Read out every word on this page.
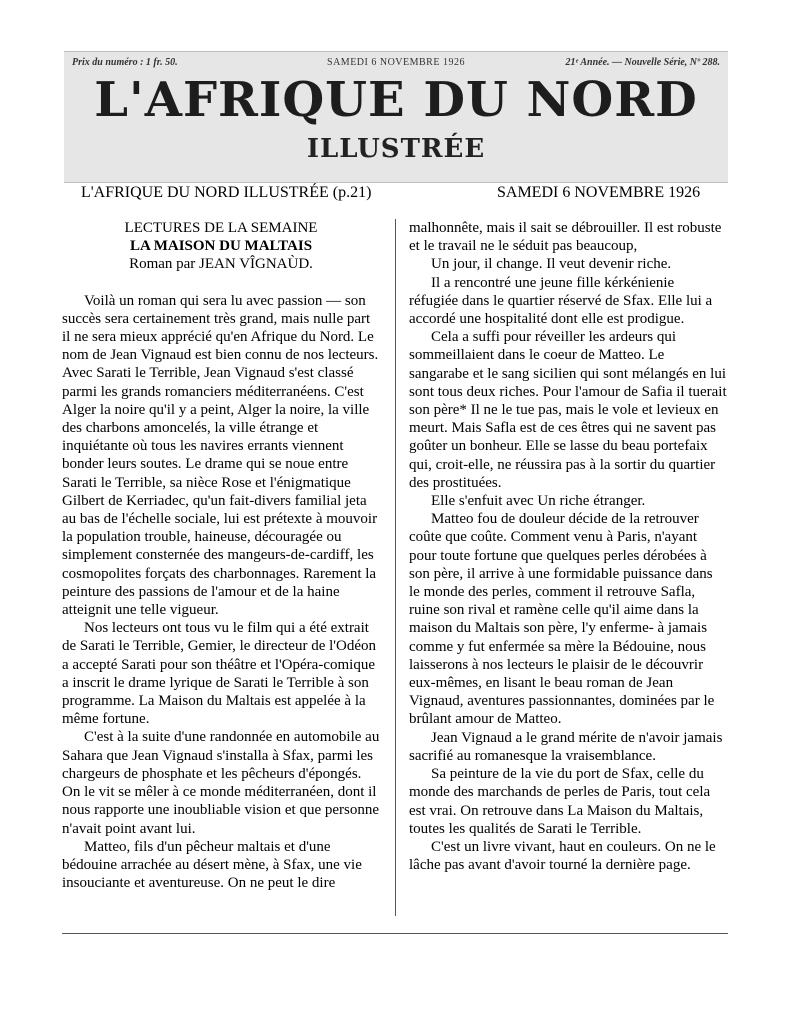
Prix du numéro : 1 fr. 50.	SAMEDI 6 NOVEMBRE 1926	21ᵉ Année. — Nouvelle Série, Nº 288.
L'AFRIQUE DU NORD
ILLUSTRÉE
L'AFRIQUE DU NORD ILLUSTRÉE (p.21)	SAMEDI 6 NOVEMBRE 1926
LECTURES DE LA SEMAINE
LA MAISON DU MALTAIS
Roman par JEAN VÎGNAÙD.

Voilà un roman qui sera lu avec passion — son succès sera certainement très grand, mais nulle part il ne sera mieux apprécié qu'en Afrique du Nord. Le nom de Jean Vignaud est bien connu de nos lecteurs. Avec Sarati le Terrible, Jean Vignaud s'est classé parmi les grands romanciers méditerranéens. C'est Alger la noire qu'il y a peint, Alger la noire, la ville des charbons amoncelés, la ville étrange et inquiétante où tous les navires errants viennent bonder leurs soutes. Le drame qui se noue entre Sarati le Terrible, sa nièce Rose et l'énigmatique Gilbert de Kerriadec, qu'un fait-divers familial jeta au bas de l'échelle sociale, lui est prétexte à mouvoir la population trouble, haineuse, découragée ou simplement consternée des mangeurs-de-cardiff, les cosmopolites forçats des charbonnages. Rarement la peinture des passions de l'amour et de la haine atteignit une telle vigueur.

Nos lecteurs ont tous vu le film qui a été extrait de Sarati le Terrible, Gemier, le directeur de l'Odéon a accepté Sarati pour son théâtre et l'Opéra-comique a inscrit le drame lyrique de Sarati le Terrible à son programme. La Maison du Maltais est appelée à la même fortune.

C'est à la suite d'une randonnée en automobile au Sahara que Jean Vignaud s'installa à Sfax, parmi les chargeurs de phosphate et les pêcheurs d'épongés. On le vit se mêler à ce monde méditerranéen, dont il nous rapporte une inoubliable vision et que personne n'avait point avant lui.

Matteo, fils d'un pêcheur maltais et d'une bédouine arrachée au désert mène, à Sfax, une vie insouciante et aventureuse. On ne peut le dire

malhonnête, mais il sait se débrouiller. Il est robuste et le travail ne le séduit pas beaucoup,

Un jour, il change. Il veut devenir riche.

Il a rencontré une jeune fille kérkénienie réfugiée dans le quartier réservé de Sfax. Elle lui a accordé une hospitalité dont elle est prodigue.

Cela a suffi pour réveiller les ardeurs qui sommeillaient dans le coeur de Matteo. Le sangarabe et le sang sicilien qui sont mélangés en lui sont tous deux riches. Pour l'amour de Safia il tuerait son père* Il ne le tue pas, mais le vole et levieux en meurt. Mais Safla est de ces êtres qui ne savent pas goûter un bonheur. Elle se lasse du beau portefaix qui, croit-elle, ne réussira pas à la sortir du quartier des prostituées.

Elle s'enfuit avec Un riche étranger.

Matteo fou de douleur décide de la retrouver coûte que coûte. Comment venu à Paris, n'ayant pour toute fortune que quelques perles dérobées à son père, il arrive à une formidable puissance dans le monde des perles, comment il retrouve Safla, ruine son rival et ramène celle qu'il aime dans la maison du Maltais son père, l'y enferme- à jamais comme y fut enfermée sa mère la Bédouine, nous laisserons à nos lecteurs le plaisir de le découvrir eux-mêmes, en lisant le beau roman de Jean Vignaud, aventures passionnantes, dominées par le brûlant amour de Matteo.

Jean Vignaud a le grand mérite de n'avoir jamais sacrifié au romanesque la vraisemblance.

Sa peinture de la vie du port de Sfax, celle du monde des marchands de perles de Paris, tout cela est vrai. On retrouve dans La Maison du Maltais, toutes les qualités de Sarati le Terrible.

C'est un livre vivant, haut en couleurs. On ne le lâche pas avant d'avoir tourné la dernière page.
